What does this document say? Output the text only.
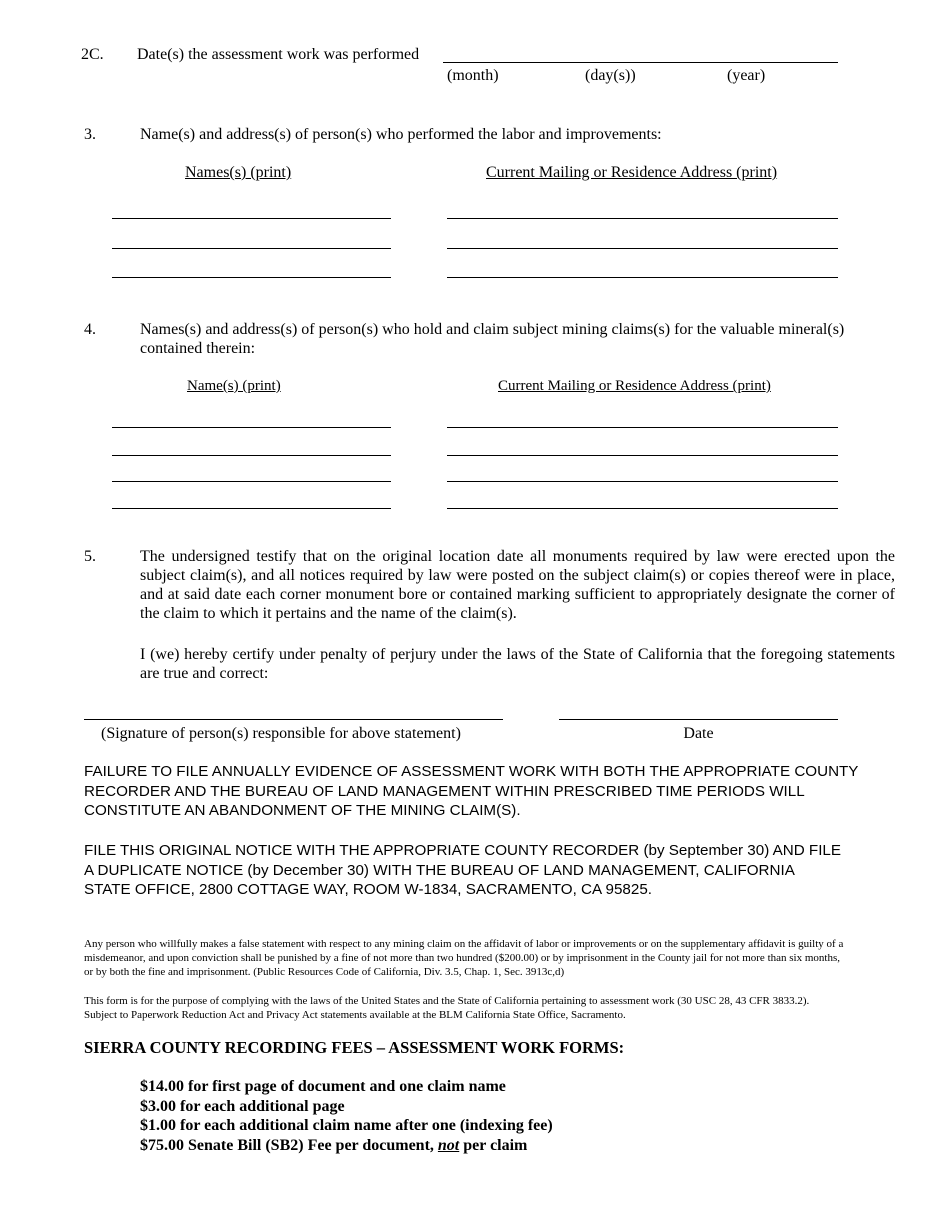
2C. Date(s) the assessment work was performed
(month)	(day(s))	(year)
3.	Name(s) and address(s) of person(s) who performed the labor and improvements:
Names(s) (print)	Current Mailing or Residence Address (print)
4.	Names(s) and address(s) of person(s) who hold and claim subject mining claims(s) for the valuable mineral(s) contained therein:
Name(s) (print)	Current Mailing or Residence Address (print)
5.	The undersigned testify that on the original location date all monuments required by law were erected upon the subject claim(s), and all notices required by law were posted on the subject claim(s) or copies thereof were in place, and at said date each corner monument bore or contained marking sufficient to appropriately designate the corner of the claim to which it pertains and the name of the claim(s).
I (we) hereby certify under penalty of perjury under the laws of the State of California that the foregoing statements are true and correct:
(Signature of person(s) responsible for above statement)	Date
FAILURE TO FILE ANNUALLY EVIDENCE OF ASSESSMENT WORK WITH BOTH THE APPROPRIATE COUNTY RECORDER AND THE BUREAU OF LAND MANAGEMENT WITHIN PRESCRIBED TIME PERIODS WILL CONSTITUTE AN ABANDONMENT OF THE MINING CLAIM(S).
FILE THIS ORIGINAL NOTICE WITH THE APPROPRIATE COUNTY RECORDER (by September 30) AND FILE A DUPLICATE NOTICE (by December 30) WITH THE BUREAU OF LAND MANAGEMENT, CALIFORNIA STATE OFFICE, 2800 COTTAGE WAY, ROOM W-1834, SACRAMENTO, CA 95825.
Any person who willfully makes a false statement with respect to any mining claim on the affidavit of labor or improvements or on the supplementary affidavit is guilty of a misdemeanor, and upon conviction shall be punished by a fine of not more than two hundred ($200.00) or by imprisonment in the County jail for not more than six months, or by both the fine and imprisonment. (Public Resources Code of California, Div. 3.5, Chap. 1, Sec. 3913c,d)
This form is for the purpose of complying with the laws of the United States and the State of California pertaining to assessment work (30 USC 28, 43 CFR 3833.2). Subject to Paperwork Reduction Act and Privacy Act statements available at the BLM California State Office, Sacramento.
SIERRA COUNTY RECORDING FEES – ASSESSMENT WORK FORMS:
$14.00 for first page of document and one claim name
$3.00 for each additional page
$1.00 for each additional claim name after one (indexing fee)
$75.00 Senate Bill (SB2) Fee per document, not per claim
